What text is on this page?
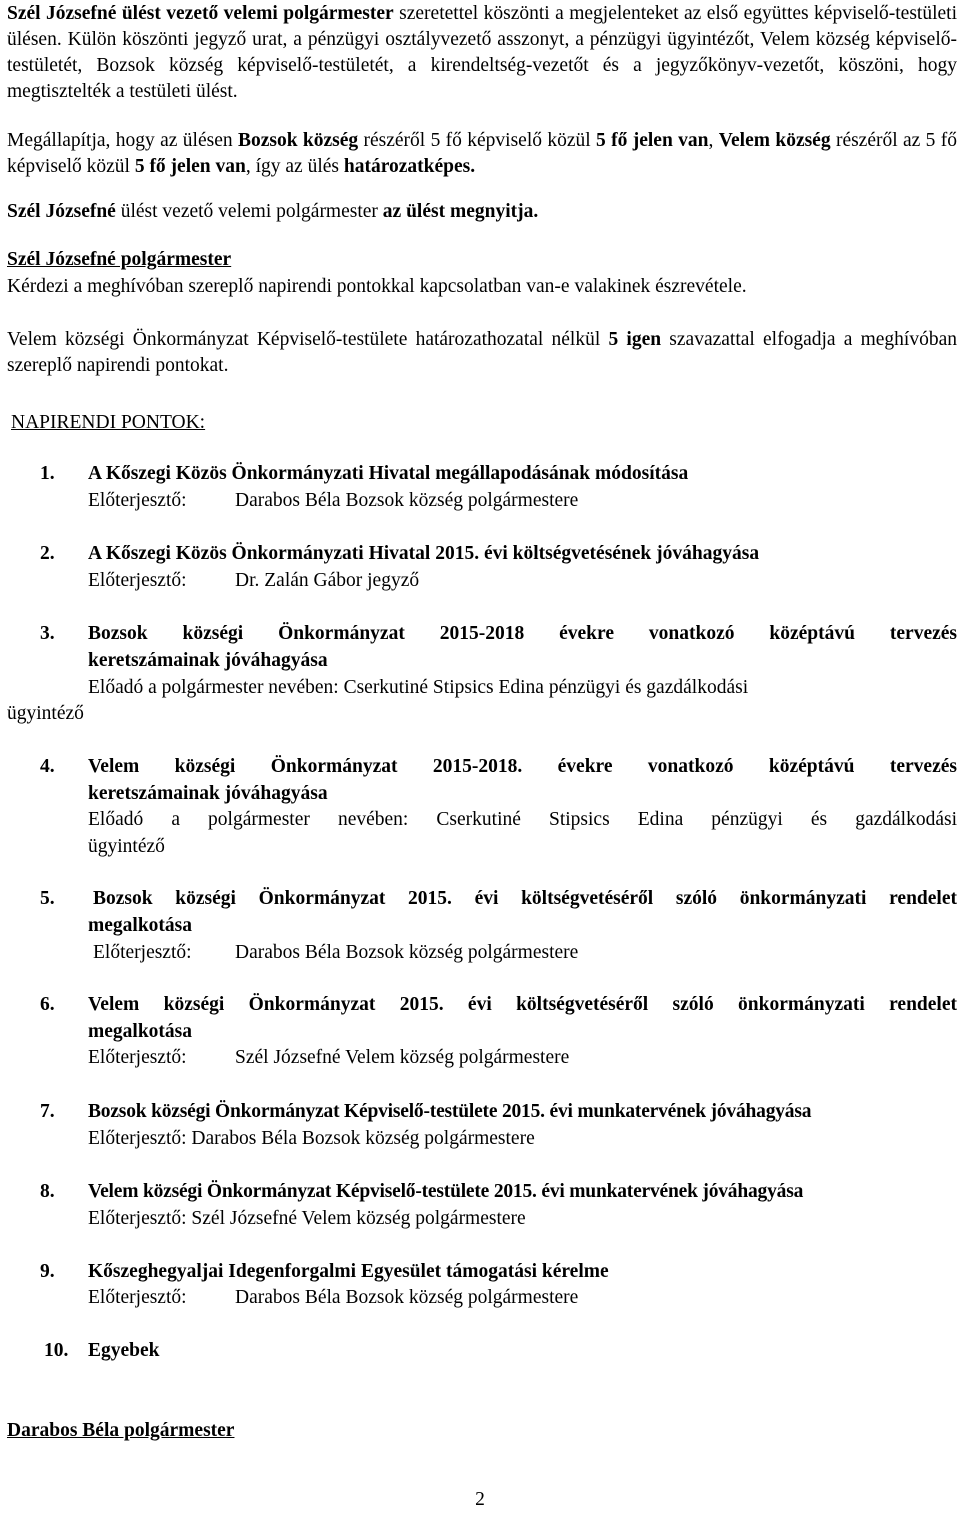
Szél Józsefné ülést vezető velemi polgármester szeretettel köszönti a megjelenteket az első együttes képviselő-testületi ülésen. Külön köszönti jegyző urat, a pénzügyi osztályvezető asszonyt, a pénzügyi ügyintézőt, Velem község képviselő-testületét, Bozsok község képviselő-testületét, a kirendeltség-vezetőt és a jegyzőkönyv-vezetőt, köszöni, hogy megtisztelték a testületi ülést.

Megállapítja, hogy az ülésen Bozsok község részéről 5 fő képviselő közül 5 fő jelen van, Velem község részéről az 5 fő képviselő közül 5 fő jelen van, így az ülés határozatképes.

Szél Józsefné ülést vezető velemi polgármester az ülést megnyitja.

Szél Józsefné polgármester

Kérdezi a meghívóban szereplő napirendi pontokkal kapcsolatban van-e valakinek észrevétele.

Velem községi Önkormányzat Képviselő-testülete határozathozatal nélkül 5 igen szavazattal elfogadja a meghívóban szereplő napirendi pontokat.

NAPIRENDI PONTOK:

1. A Kőszegi Közös Önkormányzati Hivatal megállapodásának módosítása
Előterjesztő: Darabos Béla Bozsok község polgármestere
2. A Kőszegi Közös Önkormányzati Hivatal 2015. évi költségvetésének jóváhagyása
Előterjesztő: Dr. Zalán Gábor jegyző
3. Bozsok községi Önkormányzat 2015-2018 évekre vonatkozó középtávú tervezés
keretszámainak jóváhagyása
Előadó a polgármester nevében: Cserkutiné Stipsics Edina pénzügyi és gazdálkodási
ügyintéző
4. Velem községi Önkormányzat 2015-2018. évekre vonatkozó középtávú tervezés
keretszámainak jóváhagyása
Előadó a polgármester nevében: Cserkutiné Stipsics Edina pénzügyi és gazdálkodási
ügyintéző
5. Bozsok községi Önkormányzat 2015. évi költségvetéséről szóló önkormányzati rendelet
megalkotása
Előterjesztő: Darabos Béla Bozsok község polgármestere
6. Velem községi Önkormányzat 2015. évi költségvetéséről szóló önkormányzati rendelet
megalkotása
Előterjesztő: Szél Józsefné Velem község polgármestere
7. Bozsok községi Önkormányzat Képviselő-testülete 2015. évi munkatervének jóváhagyása
Előterjesztő: Darabos Béla Bozsok község polgármestere
8. Velem községi Önkormányzat Képviselő-testülete 2015. évi munkatervének jóváhagyása
Előterjesztő: Szél Józsefné Velem község polgármestere
9. Kőszeghegyaljai Idegenforgalmi Egyesület támogatási kérelme
Előterjesztő: Darabos Béla Bozsok község polgármestere
10. Egyebek

Darabos Béla polgármester

2
